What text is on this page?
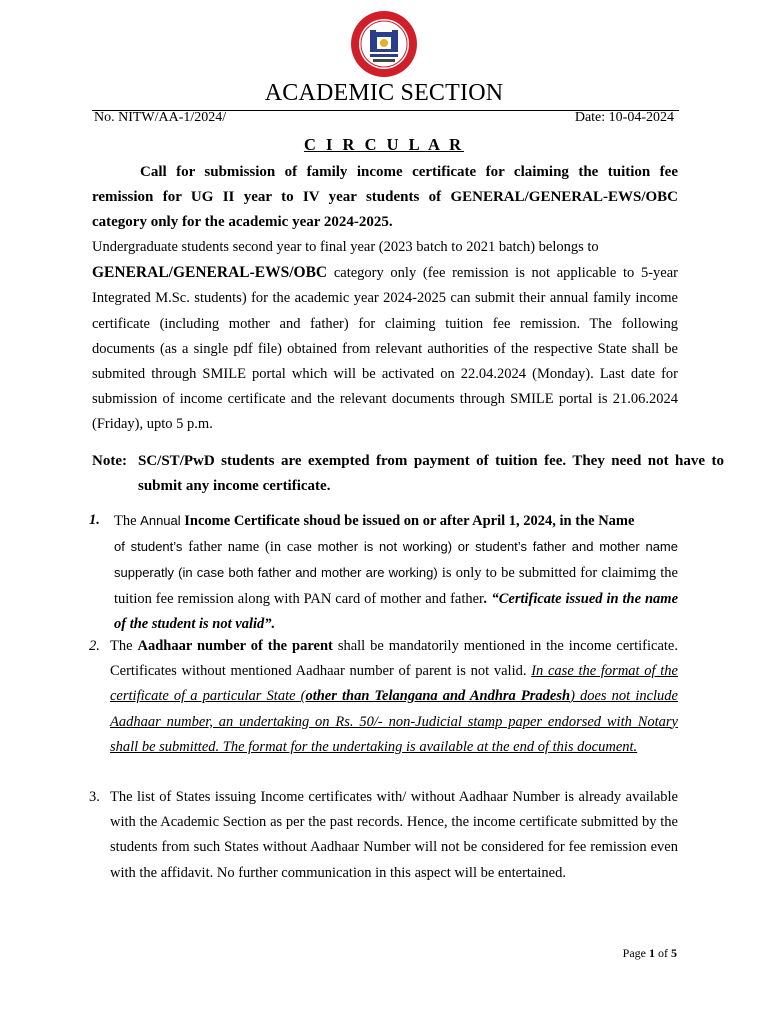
ACADEMIC SECTION
No. NITW/AA-1/2024/	Date: 10-04-2024
C I R C U L A R
Call for submission of family income certificate for claiming the tuition fee remission for UG II year to IV year students of GENERAL/GENERAL-EWS/OBC category only for the academic year 2024-2025.
Undergraduate students second year to final year (2023 batch to 2021 batch) belongs to
GENERAL/GENERAL-EWS/OBC category only (fee remission is not applicable to 5-year Integrated M.Sc. students) for the academic year 2024-2025 can submit their annual family income certificate (including mother and father) for claiming tuition fee remission. The following documents (as a single pdf file) obtained from relevant authorities of the respective State shall be submited through SMILE portal which will be activated on 22.04.2024 (Monday). Last date for submission of income certificate and the relevant documents through SMILE portal is 21.06.2024 (Friday), upto 5 p.m.
Note: SC/ST/PwD students are exempted from payment of tuition fee. They need not have to submit any income certificate.
1. The Annual Income Certificate shoud be issued on or after April 1, 2024, in the Name
of student’s father name (in case mother is not working) or student’s father and mother name supperatly (in case both father and mother are working) is only to be submitted for claimimg the tuition fee remission along with PAN card of mother and father. “Certificate issued in the name of the student is not valid”.
2. The Aadhaar number of the parent shall be mandatorily mentioned in the income certificate. Certificates without mentioned Aadhaar number of parent is not valid. In case the format of the certificate of a particular State (other than Telangana and Andhra Pradesh) does not include Aadhaar number, an undertaking on Rs. 50/- non-Judicial stamp paper endorsed with Notary shall be submitted. The format for the undertaking is available at the end of this document.
3. The list of States issuing Income certificates with/ without Aadhaar Number is already available with the Academic Section as per the past records. Hence, the income certificate submitted by the students from such States without Aadhaar Number will not be considered for fee remission even with the affidavit. No further communication in this aspect will be entertained.
Page 1 of 5
